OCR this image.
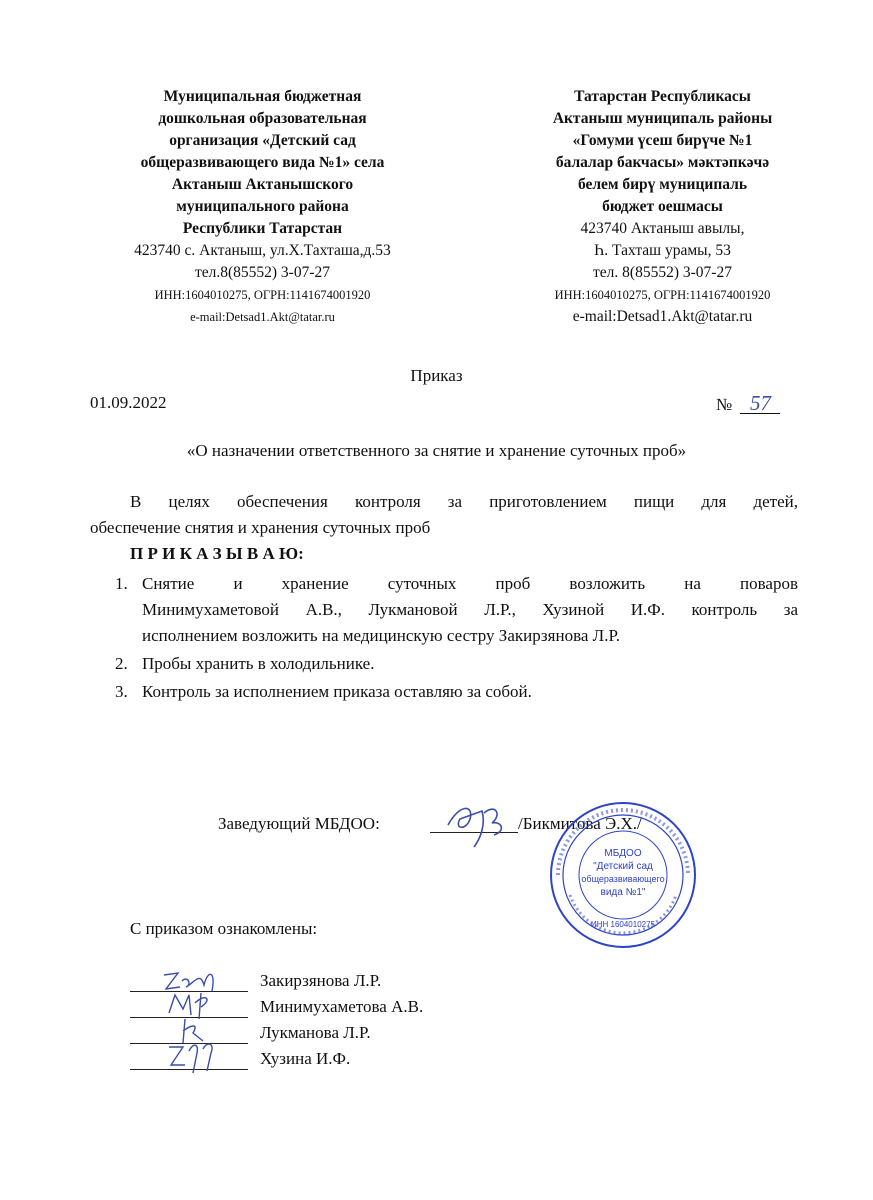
Муниципальная бюджетная
дошкольная образовательная
организация «Детский сад
общеразвивающего вида №1» села
Актаныш Актанышского
муниципального района
Республики Татарстан
423740 с. Актаныш, ул.Х.Тахташа,д.53
тел.8(85552) 3-07-27
ИНН:1604010275, ОГРН:1141674001920
e-mail:Detsad1.Akt@tatar.ru
Татарстан Республикасы
Актаныш муниципаль районы
«Гомуми үсеш бирүче №1
балалар бакчасы» мәктәпкәчә
белем бирү муниципаль
бюджет оешмасы
423740 Актаныш авылы,
Һ. Тахташ урамы, 53
тел. 8(85552) 3-07-27
ИНН:1604010275, ОГРН:1141674001920
e-mail:Detsad1.Akt@tatar.ru
Приказ
01.09.2022	№ 57
«О назначении ответственного за снятие и хранение суточных проб»
В целях обеспечения контроля за приготовлением пищи для детей,
обеспечение снятия и хранения суточных проб
П Р И К А З Ы В А Ю:
1. Снятие и хранение суточных проб возложить на поваров
Минимухаметовой А.В., Лукмановой Л.Р., Хузиной И.Ф. контроль за
исполнением возложить на медицинскую сестру Закирзянова Л.Р.
2. Пробы хранить в холодильнике.
3. Контроль за исполнением приказа оставляю за собой.
Заведующий МБДОО:	/Бикмитова Э.Х./
МБДОО
"Детский сад
общеразвивающего
вида №1"
ИНН 1604010275
С приказом ознакомлены:
Закирзянова Л.Р.
Минимухаметова А.В.
Лукманова Л.Р.
Хузина И.Ф.
